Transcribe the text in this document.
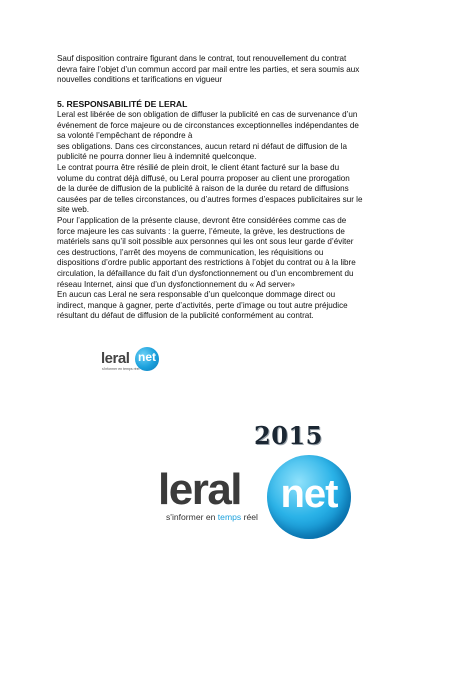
Sauf disposition contraire figurant dans le contrat, tout renouvellement du contrat
devra faire l’objet d’un commun accord par mail entre les parties, et sera soumis aux
nouvelles conditions et tarifications en vigueur
5. RESPONSABILITÉ DE LERAL
Leral est libérée de son obligation de diffuser la publicité en cas de survenance d’un
événement de force majeure ou de circonstances exceptionnelles indépendantes de
sa volonté l’empêchant de répondre à
ses obligations. Dans ces circonstances, aucun retard ni défaut de diffusion de la
publicité ne pourra donner lieu à indemnité quelconque.
Le contrat pourra être résilié de plein droit, le client étant facturé sur la base du
volume du contrat déjà diffusé, ou Leral pourra proposer au client une prorogation
de la durée de diffusion de la publicité à raison de la durée du retard de diffusions
causées par de telles circonstances, ou d’autres formes d’espaces publicitaires sur le
site web.
Pour l’application de la présente clause, devront être considérées comme cas de
force majeure les cas suivants : la guerre, l’émeute, la grève, les destructions de
matériels sans qu’il soit possible aux personnes qui les ont sous leur garde d’éviter
ces destructions, l’arrêt des moyens de communication, les réquisitions ou
dispositions d’ordre public apportant des restrictions à l’objet du contrat ou à la libre
circulation, la défaillance du fait d’un dysfonctionnement ou d’un encombrement du
réseau Internet, ainsi que d’un dysfonctionnement du « Ad server»
En aucun cas Leral ne sera responsable d’un quelconque dommage direct ou
indirect, manque à gagner, perte d’activités, perte d’image ou tout autre préjudice
résultant du défaut de diffusion de la publicité conformément au contrat.
leral net
s'informer en temps réel
2015
leral net
s'informer en temps réel
